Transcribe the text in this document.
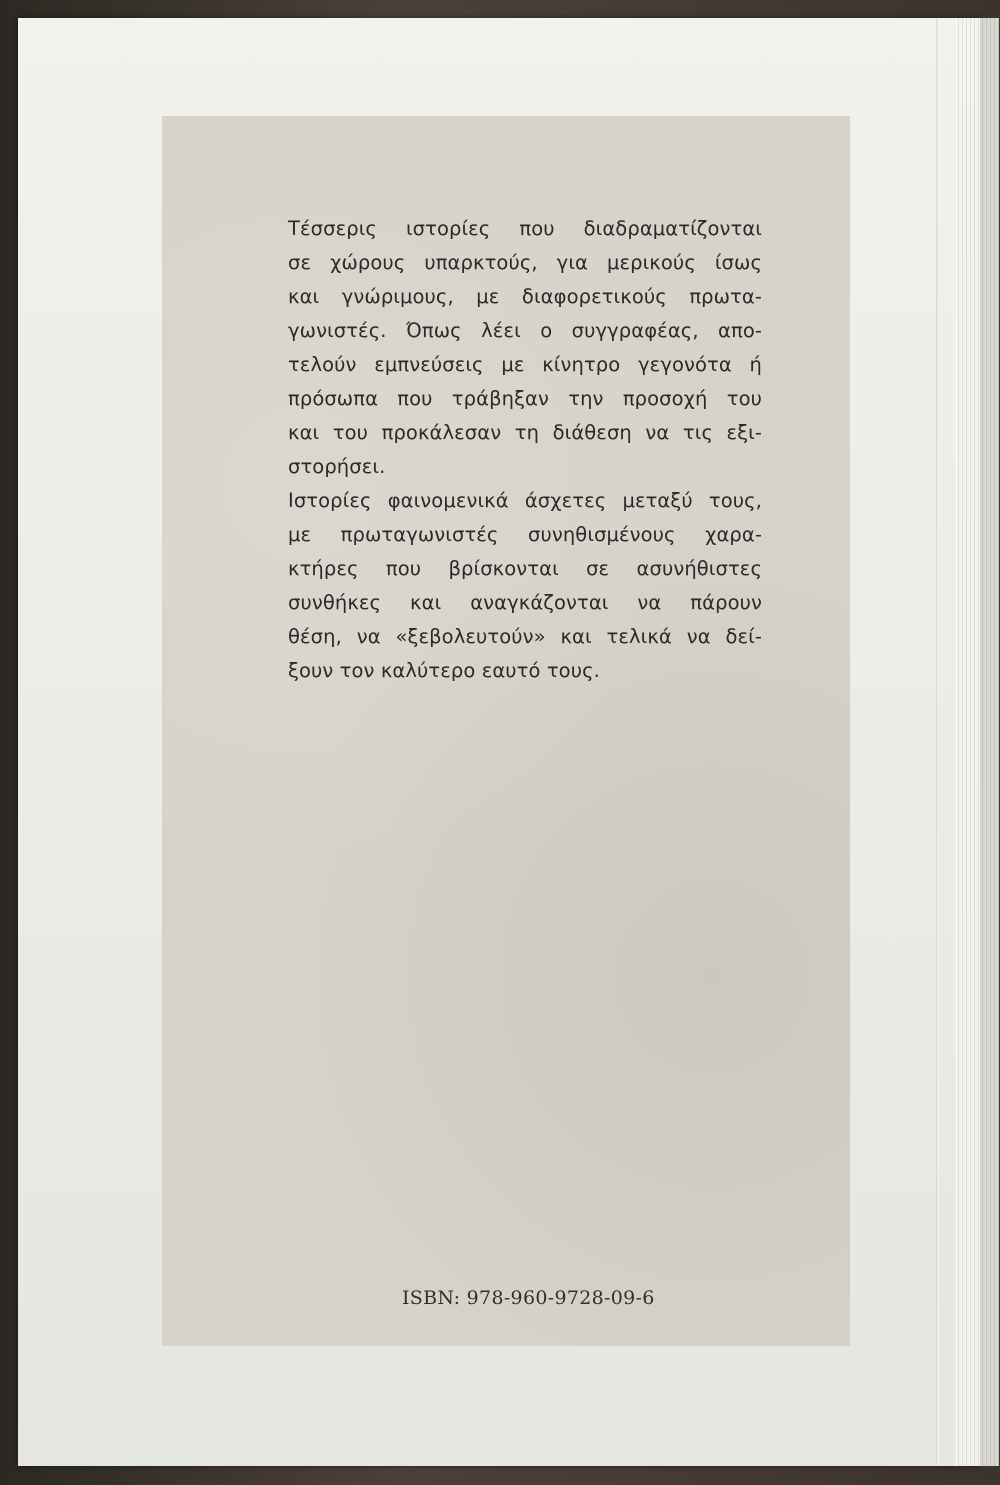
Τέσσερις ιστορίες που διαδραματίζονται
σε χώρους υπαρκτούς, για μερικούς ίσως
και γνώριμους, με διαφορετικούς πρωτα-
γωνιστές. Όπως λέει ο συγγραφέας, απο-
τελούν εμπνεύσεις με κίνητρο γεγονότα ή
πρόσωπα που τράβηξαν την προσοχή του
και του προκάλεσαν τη διάθεση να τις εξι-
στορήσει.
Ιστορίες φαινομενικά άσχετες μεταξύ τους,
με πρωταγωνιστές συνηθισμένους χαρα-
κτήρες που βρίσκονται σε ασυνήθιστες
συνθήκες και αναγκάζονται να πάρουν
θέση, να «ξεβολευτούν» και τελικά να δεί-
ξουν τον καλύτερο εαυτό τους.
ISBN: 978-960-9728-09-6
